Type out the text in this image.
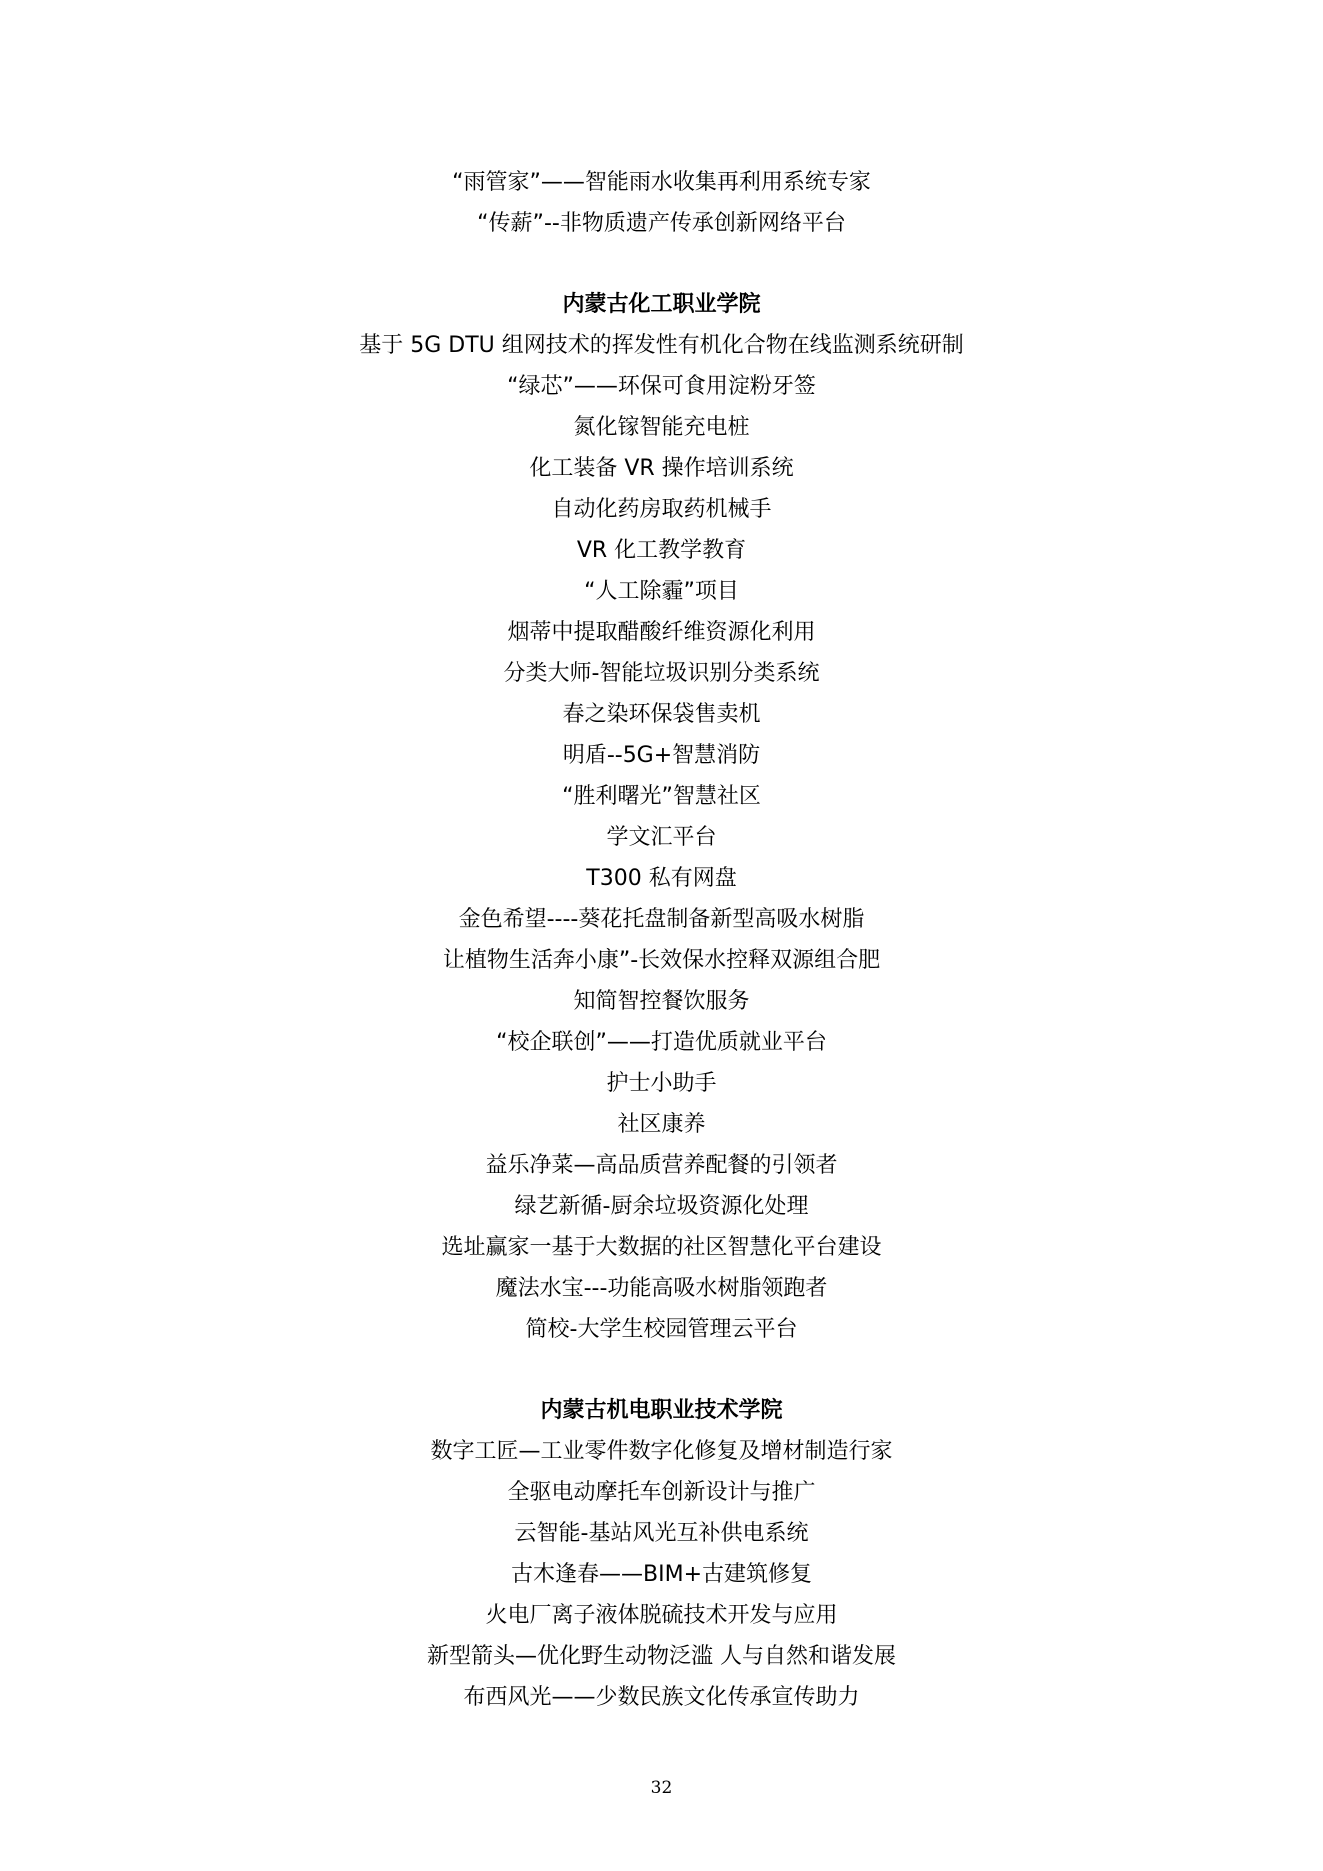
“雨管家”——智能雨水收集再利用系统专家
“传薪”--非物质遗产传承创新网络平台
内蒙古化工职业学院
基于 5G DTU 组网技术的挥发性有机化合物在线监测系统研制
“绿芯”——环保可食用淀粉牙签
氮化镓智能充电桩
化工装备 VR 操作培训系统
自动化药房取药机械手
VR 化工教学教育
“人工除霾”项目
烟蒂中提取醋酸纤维资源化利用
分类大师-智能垃圾识别分类系统
春之染环保袋售卖机
明盾--5G+智慧消防
“胜利曙光”智慧社区
学文汇平台
T300 私有网盘
金色希望----葵花托盘制备新型高吸水树脂
让植物生活奔小康”-长效保水控释双源组合肥
知简智控餐饮服务
“校企联创”——打造优质就业平台
护士小助手
社区康养
益乐净菜—高品质营养配餐的引领者
绿艺新循-厨余垃圾资源化处理
选址赢家一基于大数据的社区智慧化平台建设
魔法水宝---功能高吸水树脂领跑者
简校-大学生校园管理云平台
内蒙古机电职业技术学院
数字工匠—工业零件数字化修复及增材制造行家
全驱电动摩托车创新设计与推广
云智能-基站风光互补供电系统
古木逢春——BIM+古建筑修复
火电厂离子液体脱硫技术开发与应用
新型箭头—优化野生动物泛滥 人与自然和谐发展
布西风光——少数民族文化传承宣传助力
32
